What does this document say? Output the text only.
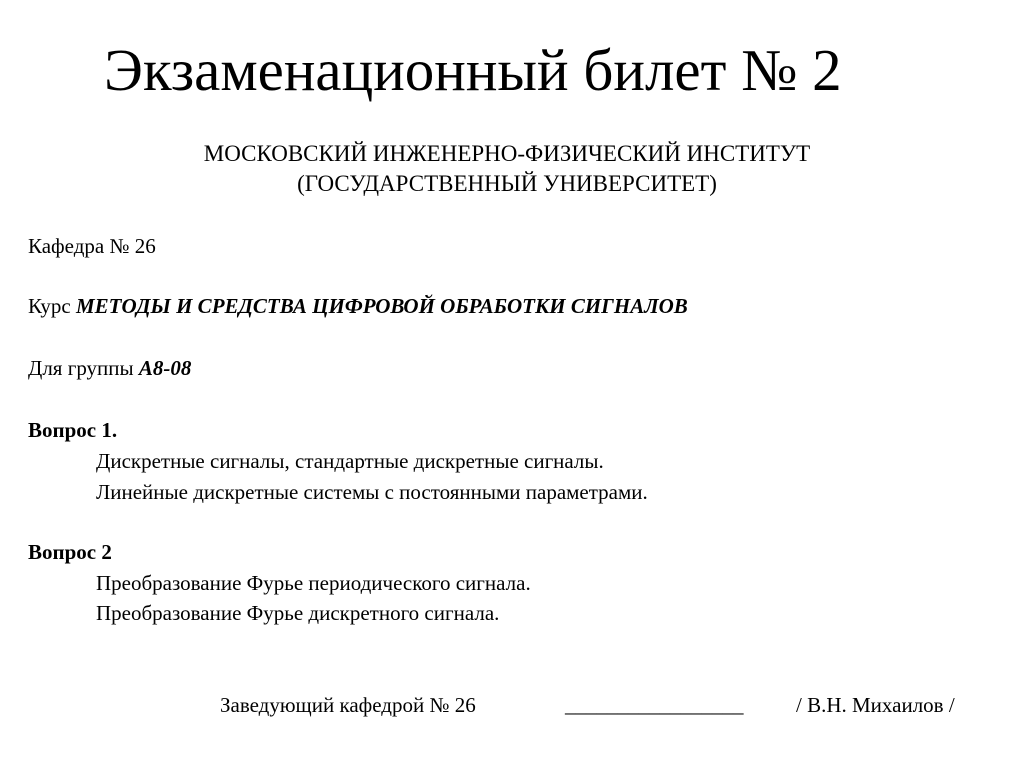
Экзаменационный билет № 2
МОСКОВСКИЙ ИНЖЕНЕРНО-ФИЗИЧЕСКИЙ ИНСТИТУТ
(ГОСУДАРСТВЕННЫЙ УНИВЕРСИТЕТ)
Кафедра № 26
Курс МЕТОДЫ И СРЕДСТВА ЦИФРОВОЙ ОБРАБОТКИ СИГНАЛОВ
Для группы А8-08
Вопрос 1.
Дискретные сигналы, стандартные дискретные сигналы.
Линейные дискретные системы с постоянными параметрами.
Вопрос 2
Преобразование Фурье периодического сигнала.
Преобразование Фурье дискретного сигнала.
Заведующий кафедрой № 26	_________________	/ В.Н. Михаилов /
